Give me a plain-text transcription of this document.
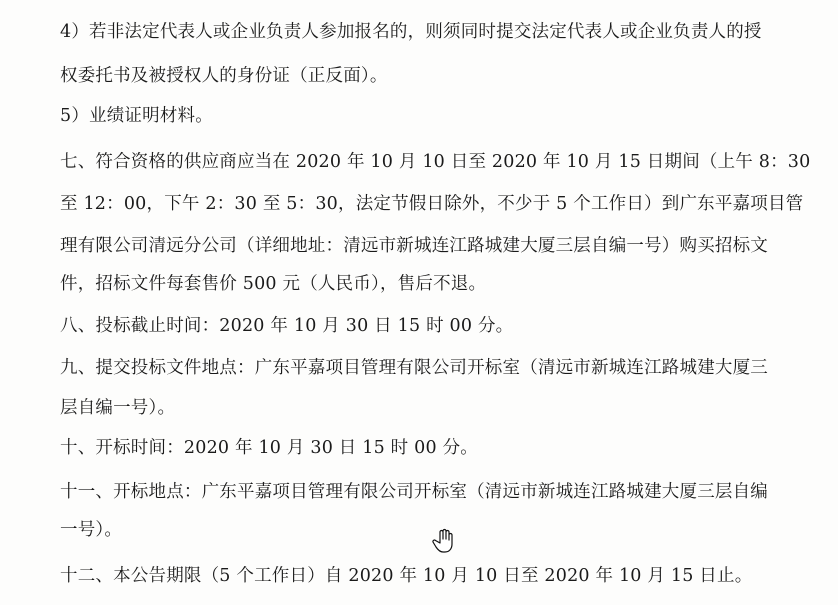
4）若非法定代表人或企业负责人参加报名的，则须同时提交法定代表人或企业负责人的授
权委托书及被授权人的身份证（正反面）。
5）业绩证明材料。
七、符合资格的供应商应当在 2020 年 10 月 10 日至 2020 年 10 月 15 日期间（上午 8：30
至 12：00，下午 2：30 至 5：30，法定节假日除外，不少于 5 个工作日）到广东平嘉项目管
理有限公司清远分公司（详细地址：清远市新城连江路城建大厦三层自编一号）购买招标文
件，招标文件每套售价 500 元（人民币），售后不退。
八、投标截止时间：2020 年 10 月 30 日 15 时 00 分。
九、提交投标文件地点：广东平嘉项目管理有限公司开标室（清远市新城连江路城建大厦三
层自编一号）。
十、开标时间：2020 年 10 月 30 日 15 时 00 分。
十一、开标地点：广东平嘉项目管理有限公司开标室（清远市新城连江路城建大厦三层自编
一号）。
十二、本公告期限（5 个工作日）自 2020 年 10 月 10 日至 2020 年 10 月 15 日止。
